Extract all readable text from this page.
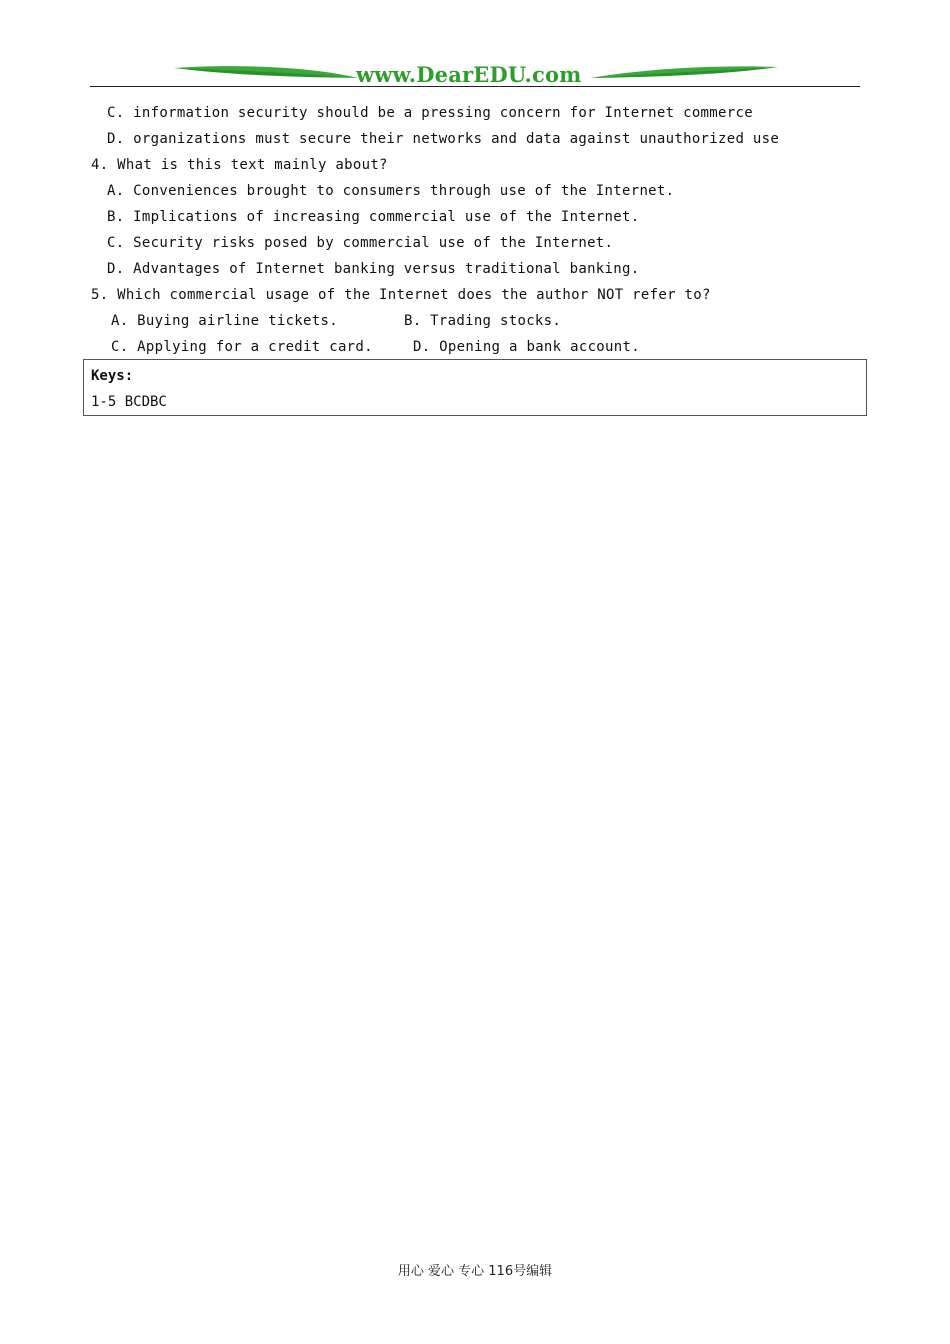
www.DearEDU.com
C. information security should be a pressing concern for Internet commerce
D. organizations must secure their networks and data against unauthorized use
4. What is this text mainly about?
A. Conveniences brought to consumers through use of the Internet.
B. Implications of increasing commercial use of the Internet.
C. Security risks posed by commercial use of the Internet.
D. Advantages of Internet banking versus traditional banking.
5. Which commercial usage of the Internet does the author NOT refer to?
A. Buying airline tickets.	B. Trading stocks.
C. Applying for a credit card.	D. Opening a bank account.
Keys:
1-5 BCDBC
用心 爱心 专心 116号编辑
